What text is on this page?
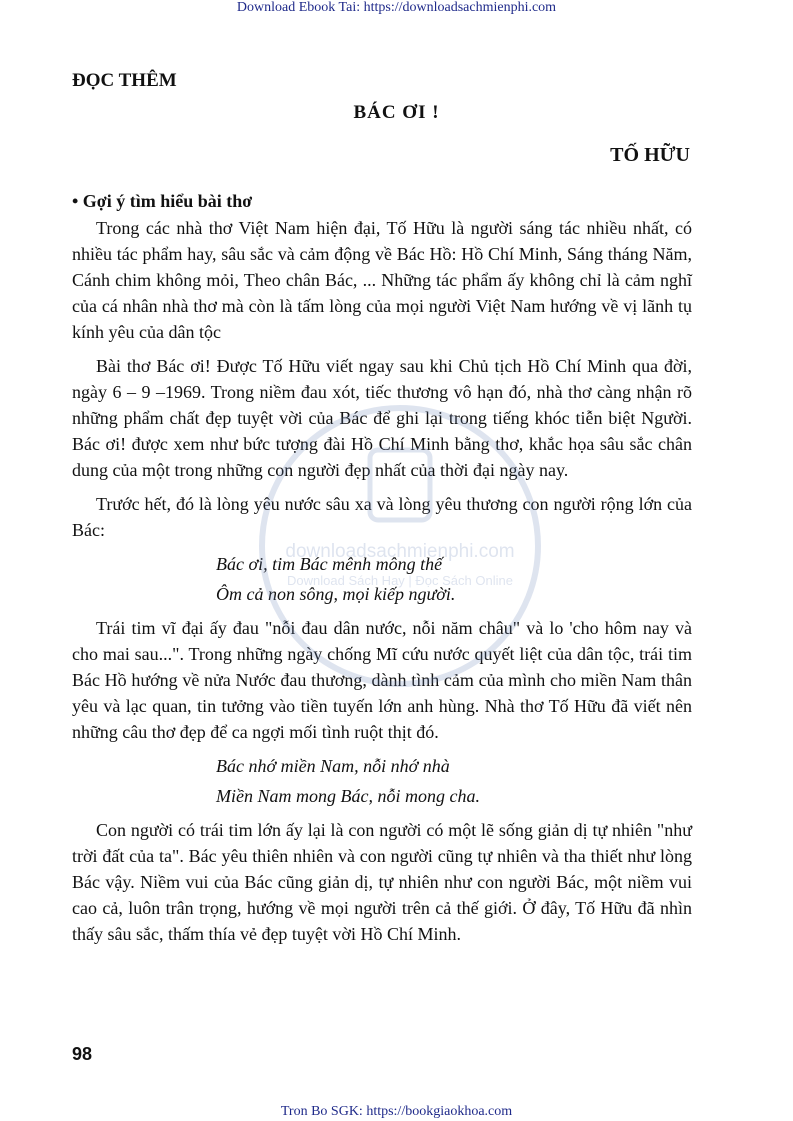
Download Ebook Tai: https://downloadsachmienphi.com
ĐỌC THÊM
BÁC ƠI !
TỐ HỮU
• Gợi ý tìm hiểu bài thơ

Trong các nhà thơ Việt Nam hiện đại, Tố Hữu là người sáng tác nhiều nhất, có nhiều tác phẩm hay, sâu sắc và cảm động về Bác Hồ: Hồ Chí Minh, Sáng tháng Năm, Cánh chim không mỏi, Theo chân Bác, ... Những tác phẩm ấy không chỉ là cảm nghĩ của cá nhân nhà thơ mà còn là tấm lòng của mọi người Việt Nam hướng về vị lãnh tụ kính yêu của dân tộc

Bài thơ Bác ơi! Được Tố Hữu viết ngay sau khi Chủ tịch Hồ Chí Minh qua đời, ngày 6 – 9 –1969. Trong niềm đau xót, tiếc thương vô hạn đó, nhà thơ càng nhận rõ những phẩm chất đẹp tuyệt vời của Bác để ghi lại trong tiếng khóc tiễn biệt Người. Bác ơi! được xem như bức tượng đài Hồ Chí Minh bằng thơ, khắc họa sâu sắc chân dung của một trong những con người đẹp nhất của thời đại ngày nay.

Trước hết, đó là lòng yêu nước sâu xa và lòng yêu thương con người rộng lớn của Bác:

Bác ơi, tim Bác mênh mông thế
Ôm cả non sông, mọi kiếp người.

Trái tim vĩ đại ấy đau "nỗi đau dân nước, nỗi năm châu" và lo 'cho hôm nay và cho mai sau...". Trong những ngày chống Mĩ cứu nước quyết liệt của dân tộc, trái tim Bác Hồ hướng về nửa Nước đau thương, dành tình cảm của mình cho miền Nam thân yêu và lạc quan, tin tưởng vào tiền tuyến lớn anh hùng. Nhà thơ Tố Hữu đã viết nên những câu thơ đẹp để ca ngợi mối tình ruột thịt đó.

Bác nhớ miền Nam, nỗi nhớ nhà
Miền Nam mong Bác, nỗi mong cha.

Con người có trái tim lớn ấy lại là con người có một lẽ sống giản dị tự nhiên "như trời đất của ta". Bác yêu thiên nhiên và con người cũng tự nhiên và tha thiết như lòng Bác vậy. Niềm vui của Bác cũng giản dị, tự nhiên như con người Bác, một niềm vui cao cả, luôn trân trọng, hướng về mọi người trên cả thế giới. Ở đây, Tố Hữu đã nhìn thấy sâu sắc, thấm thía vẻ đẹp tuyệt vời Hồ Chí Minh.

downloadsachmienphi.com
Download Sách Hay | Đọc Sách Online
98
Tron Bo SGK: https://bookgiaokhoa.com
